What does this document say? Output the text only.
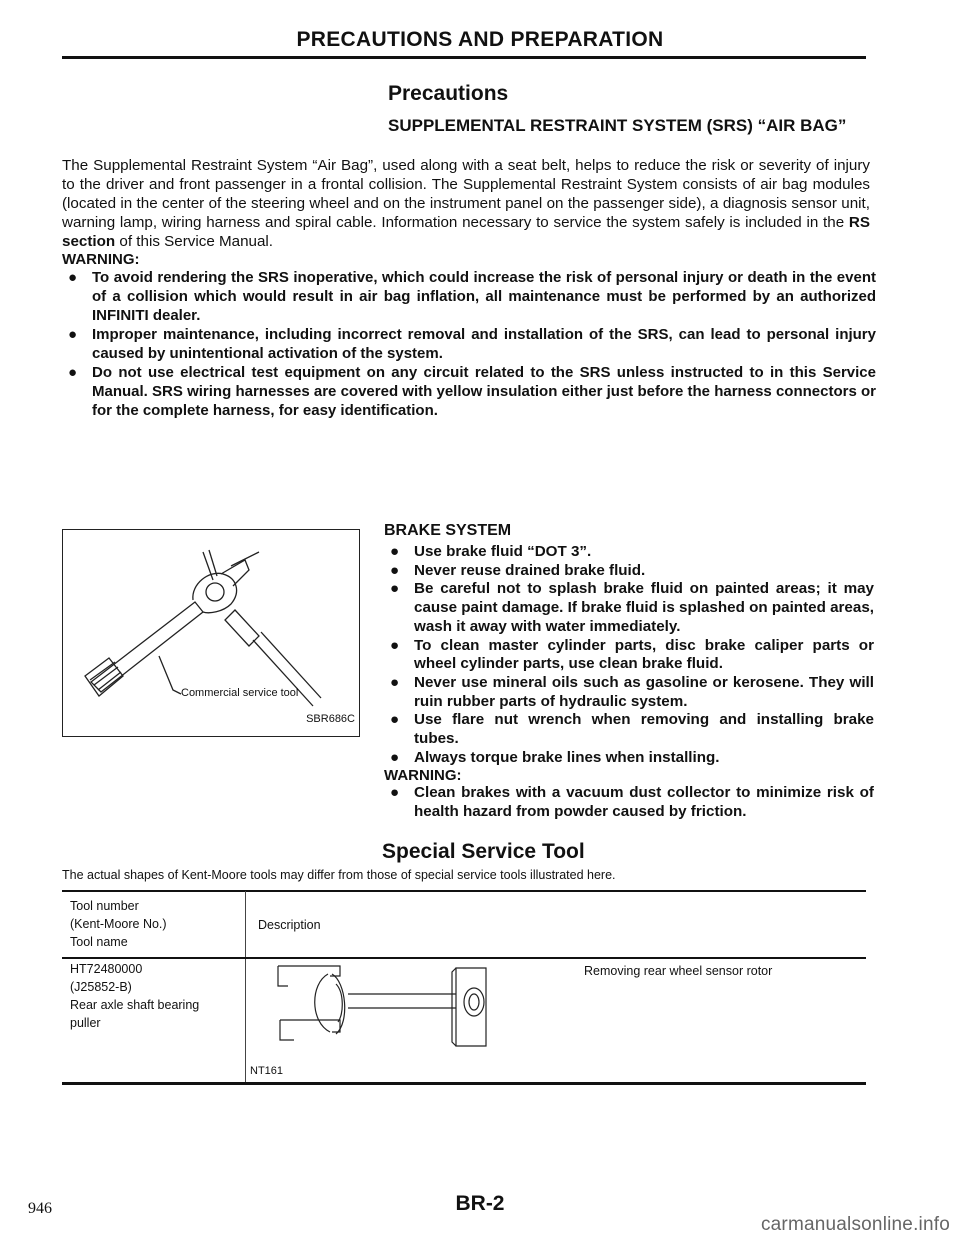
PRECAUTIONS AND PREPARATION
Precautions
SUPPLEMENTAL RESTRAINT SYSTEM (SRS) “AIR BAG”
The Supplemental Restraint System “Air Bag”, used along with a seat belt, helps to reduce the risk or severity of injury to the driver and front passenger in a frontal collision. The Supplemental Restraint System consists of air bag modules (located in the center of the steering wheel and on the instrument panel on the passenger side), a diagnosis sensor unit, warning lamp, wiring harness and spiral cable. Information necessary to service the system safely is included in the RS section of this Service Manual.
WARNING:
● To avoid rendering the SRS inoperative, which could increase the risk of personal injury or death in the event of a collision which would result in air bag inflation, all maintenance must be performed by an authorized INFINITI dealer.
● Improper maintenance, including incorrect removal and installation of the SRS, can lead to personal injury caused by unintentional activation of the system.
● Do not use electrical test equipment on any circuit related to the SRS unless instructed to in this Service Manual. SRS wiring harnesses are covered with yellow insulation either just before the harness connectors or for the complete harness, for easy identification.
Commercial service tool
SBR686C
BRAKE SYSTEM
● Use brake fluid “DOT 3”.
● Never reuse drained brake fluid.
● Be careful not to splash brake fluid on painted areas; it may cause paint damage. If brake fluid is splashed on painted areas, wash it away with water immediately.
● To clean master cylinder parts, disc brake caliper parts or wheel cylinder parts, use clean brake fluid.
● Never use mineral oils such as gasoline or kerosene. They will ruin rubber parts of hydraulic system.
● Use flare nut wrench when removing and installing brake tubes.
● Always torque brake lines when installing.
WARNING:
● Clean brakes with a vacuum dust collector to minimize risk of health hazard from powder caused by friction.
Special Service Tool
The actual shapes of Kent-Moore tools may differ from those of special service tools illustrated here.
Tool number
(Kent-Moore No.)
Tool name
Description
HT72480000
(J25852-B)
Rear axle shaft bearing
puller
Removing rear wheel sensor rotor
NT161
946	BR-2
carmanualsonline.info
